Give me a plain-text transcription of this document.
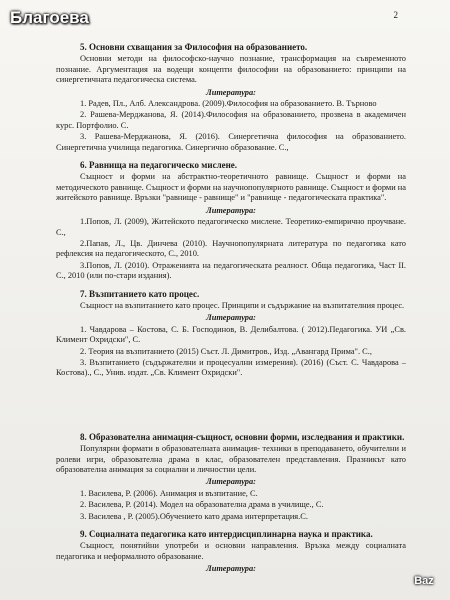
Благоева	2
5. Основни схващания за Философия на образованието.
Основни методи на философско-научно познание, трансформация на съвременното познание. Аргументация на водещи концепти философии на образованието: принципи на синергетичната педагогическа система.
Литература:
1. Радев, Пл., Алб. Александрова. (2009).Философия на образованието. В. Търново
2. Рашева-Мерджанова, Я. (2014).Философия на образованието, прозвена в академичен курс. Портфолио. С.
3. Рашева-Мерджанова, Я. (2016). Синергетична философия на образованието. Синергетична училища педагогика. Синергично образование. С.,
6. Равнища на педагогическо мислене.
Същност и форми на абстрактно-теоретичното равнище. Същност и форми на методическото равнище. Същност и форми на научнопопулярното равнище. Същност и форми на житейското равнище. Връзки "равнище - равнище" и "равнище - педагогическата практика".
Литература:
1.Попов, Л. (2009), Житейското педагогическо мислене. Теоретико-емпирично проучване. С.,
2.Папав, Л., Цв. Динчева (2010). Научнопопулярната литература по педагогика като рефлексия на педагогическото, С., 2010.
3.Попов, Л. (2010). Отраженията на педагогическата реалност. Обща педагогика, Част II. С., 2010 (или по-стари издания).
7. Възпитанието като процес.
Същност на възпитанието като процес. Принципи и съдържание на възпитателния процес.
Литература:
1. Чавдарова – Костова, С. Б. Господинов, В. Делибалтова. ( 2012).Педагогика. УИ „Св. Климент Охридски", С.
2. Теория на възпитанието (2015) Съст. Л. Димитров., Изд. „Авангард Прима". С.,
3. Възпитанието (съдържателни и процесуални измерения). (2016) (Съст. С. Чавдарова – Костова)., С., Унив. издат. „Св. Климент Охридски".
8. Образователна анимация-същност, основни форми, изследвания и практики.
Популярни формати в образователната анимация- техники в преподаването, обучителни и ролеви игри, образователна драма в клас, образователен представления. Празникът като образователна анимация за социални и личностни цели.
Литература:
1. Василева, Р. (2006). Анимация и възпитание, С.
2. Василева, Р. (2014). Модел на образователна драма в училище., С.
3. Василева , Р. (2005).Обучението като драма интерпретация.С.
9. Социалната педагогика като интердисциплинарна наука и практика.
Същност, понятийни употреби и основни направления. Връзка между социалната педагогика и неформалното образование.
Литература:
Baz
